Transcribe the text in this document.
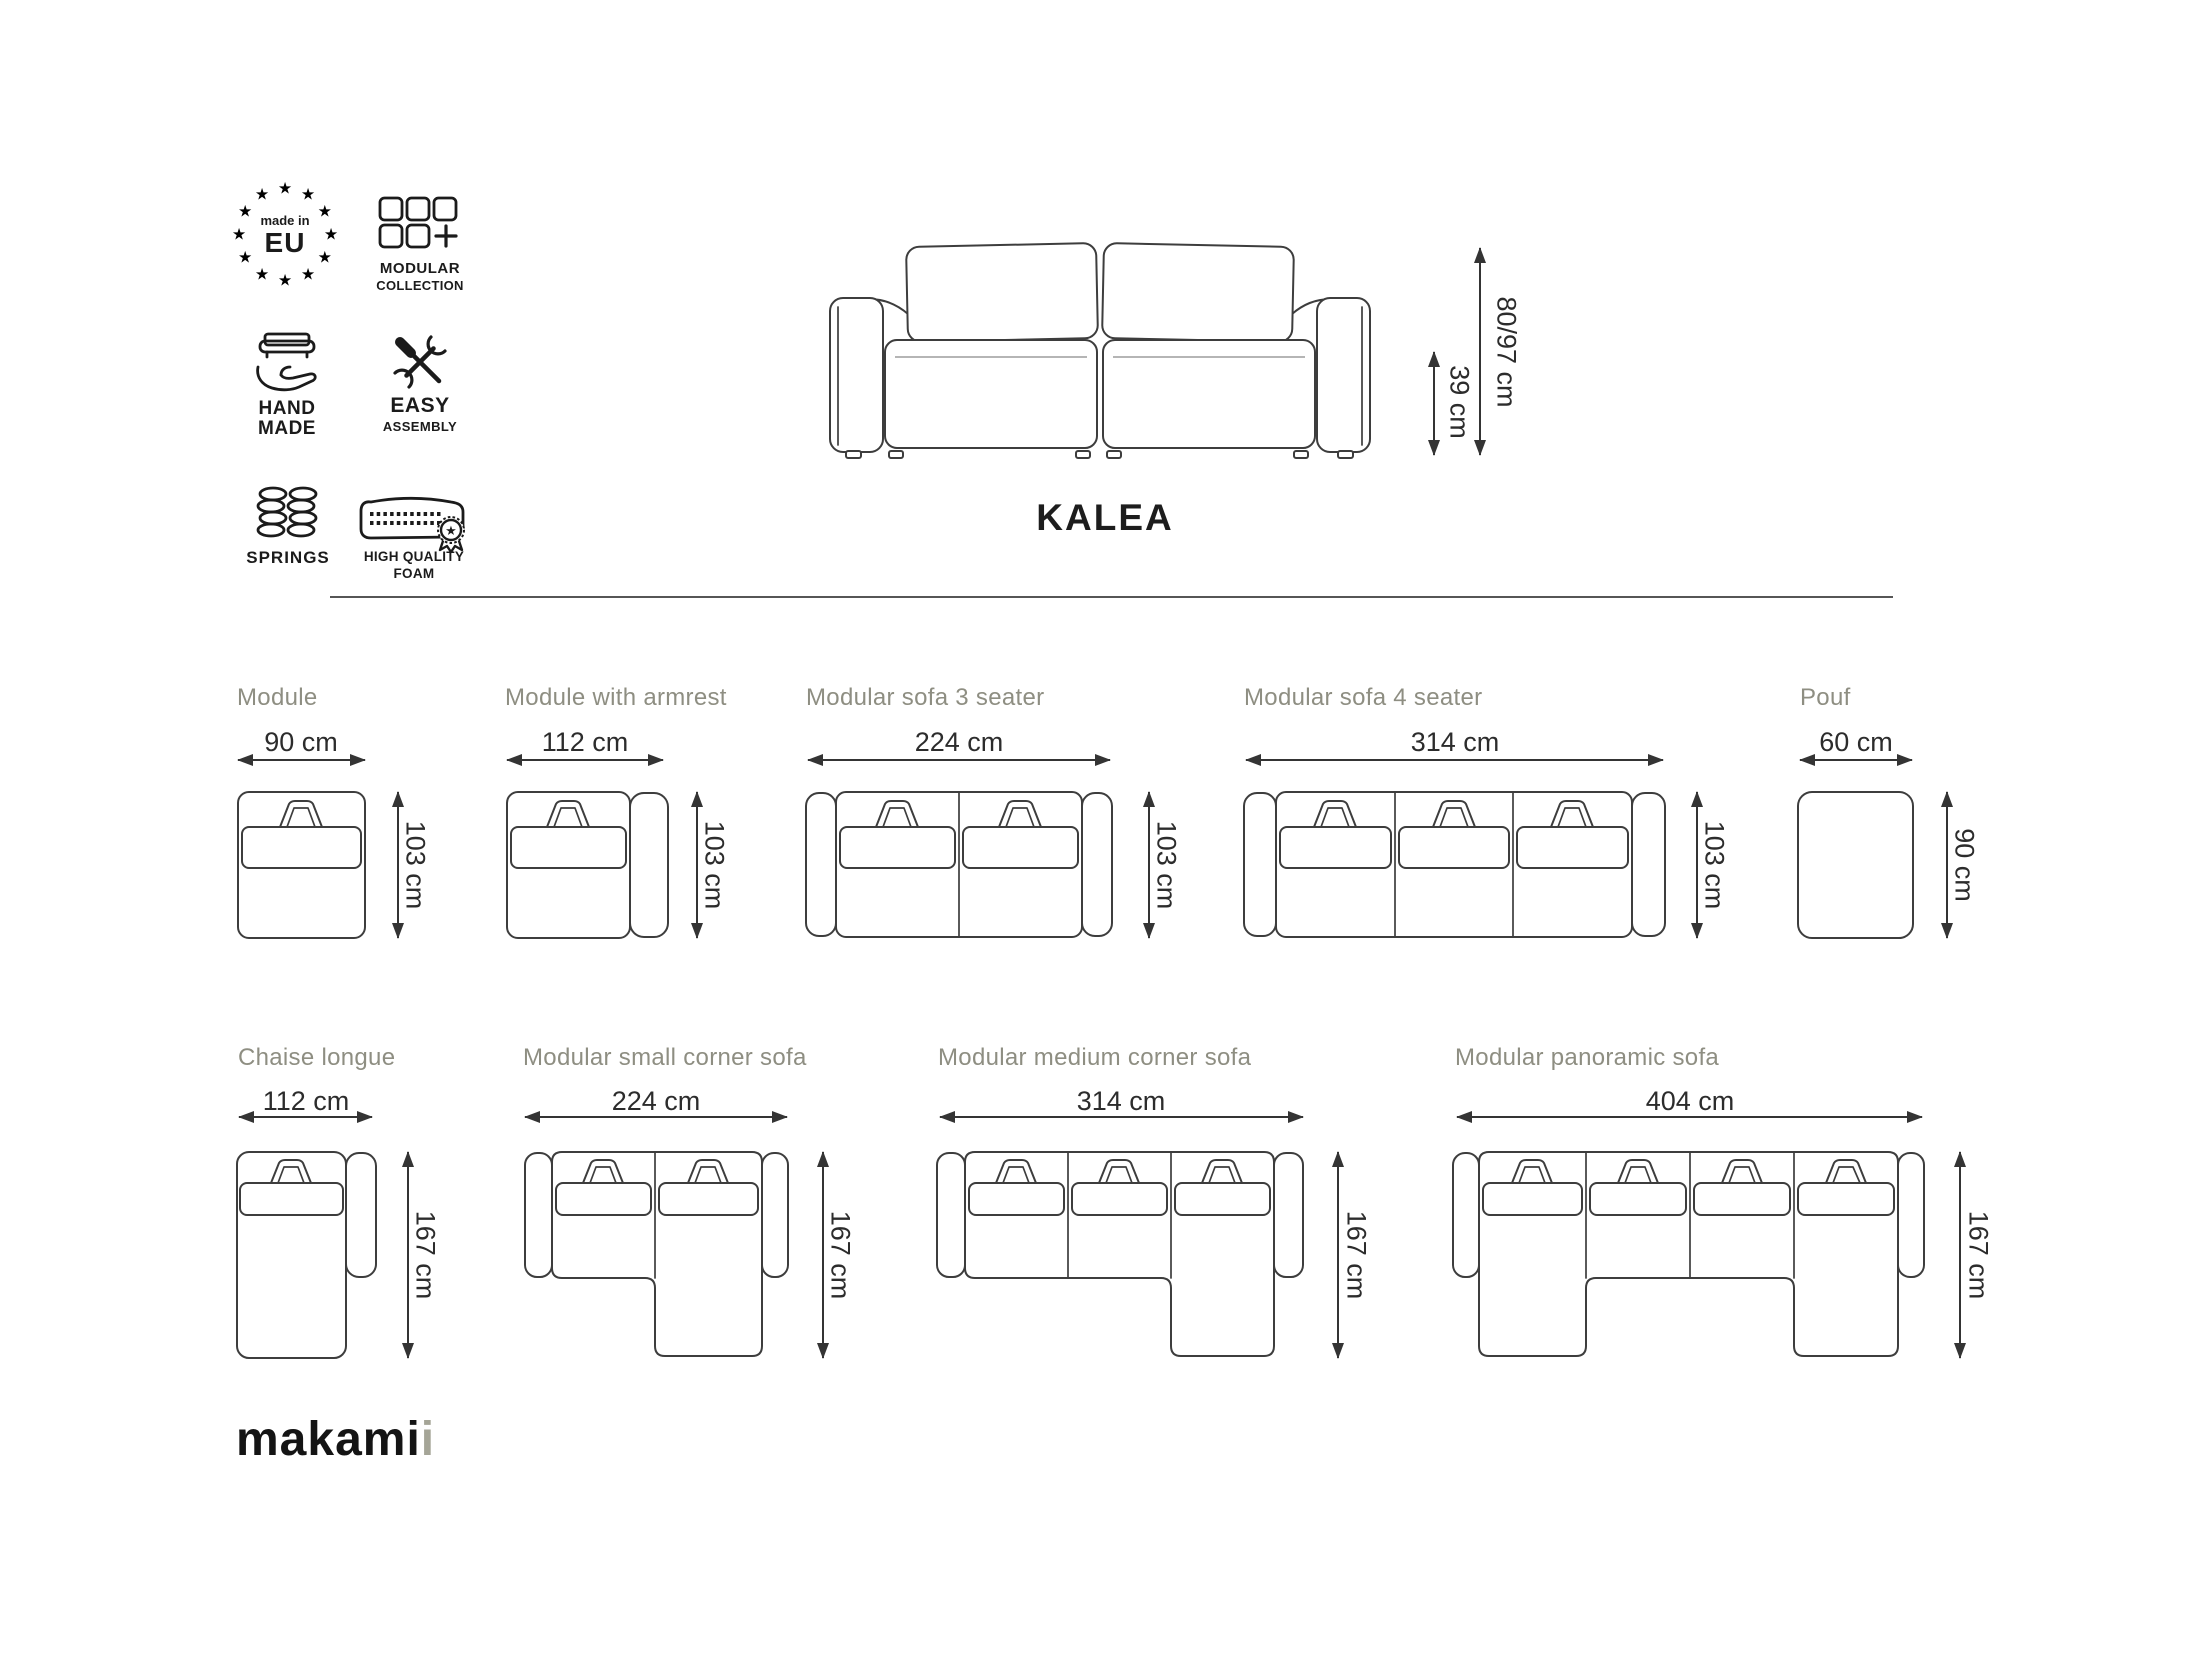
★ ★
★
★
★
★
★
★
★
★
★
★
made in
EU
MODULAR
COLLECTION
HAND
MADE
EASY
ASSEMBLY
SPRINGS
★
HIGH QUALITY
FOAM
39 cm 80/97 cm
KALEA
Module
90 cm
103 cm
Module with armrest
112 cm
103 cm
Modular sofa 3 seater
224 cm
103 cm
Modular sofa 4 seater
314 cm
103 cm
Pouf
60 cm
90 cm
Chaise longue
112 cm
167 cm
Modular small corner sofa
224 cm
167 cm
Modular medium corner sofa
314 cm
167 cm
Modular panoramic sofa
404 cm
167 cm
makamii
